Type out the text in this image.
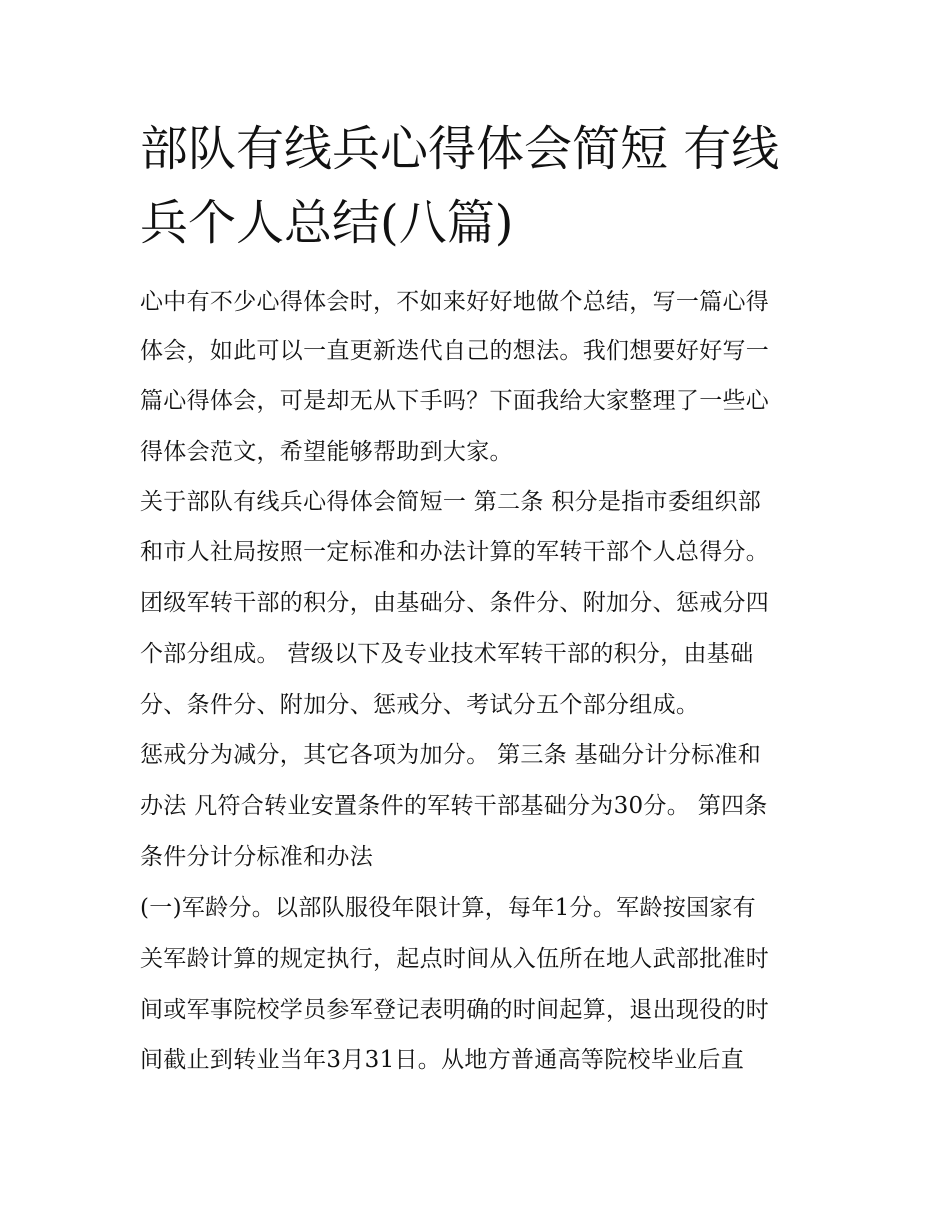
部队有线兵心得体会简短 有线
兵个人总结(八篇)
心中有不少心得体会时，不如来好好地做个总结，写一篇心得
体会，如此可以一直更新迭代自己的想法。我们想要好好写一
篇心得体会，可是却无从下手吗？下面我给大家整理了一些心
得体会范文，希望能够帮助到大家。
关于部队有线兵心得体会简短一 第二条 积分是指市委组织部
和市人社局按照一定标准和办法计算的军转干部个人总得分。
团级军转干部的积分，由基础分、条件分、附加分、惩戒分四
个部分组成。 营级以下及专业技术军转干部的积分，由基础
分、条件分、附加分、惩戒分、考试分五个部分组成。
惩戒分为减分，其它各项为加分。 第三条 基础分计分标准和
办法 凡符合转业安置条件的军转干部基础分为30分。 第四条
条件分计分标准和办法
(一)军龄分。以部队服役年限计算，每年1分。军龄按国家有
关军龄计算的规定执行，起点时间从入伍所在地人武部批准时
间或军事院校学员参军登记表明确的时间起算，退出现役的时
间截止到转业当年3月31日。从地方普通高等院校毕业后直
